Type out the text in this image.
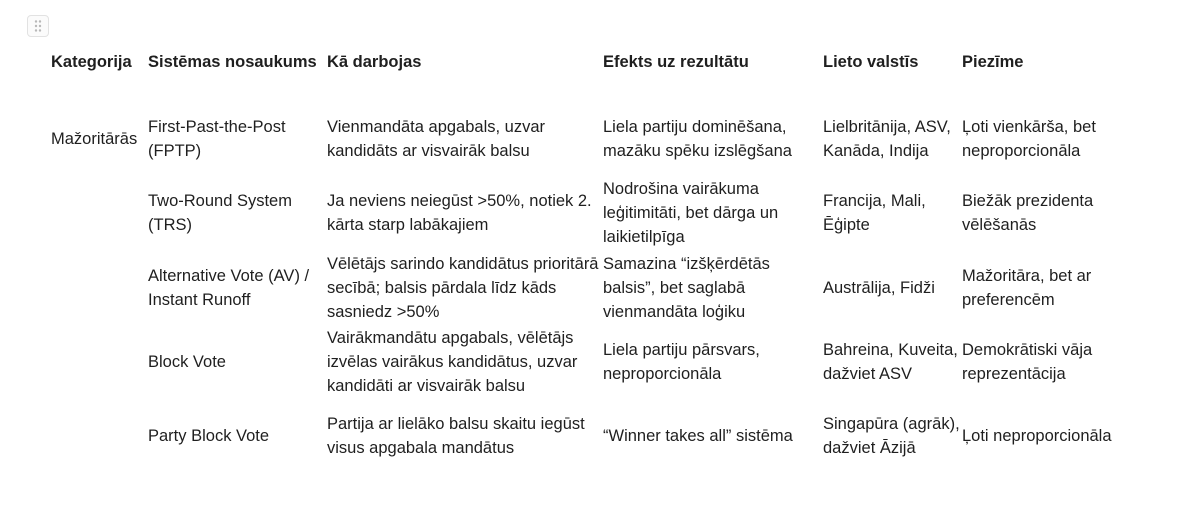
Kategorija	Sistēmas nosaukums	Kā darbojas	Efekts uz rezultātu	Lieto valstīs	Piezīme
Mažoritārās	First-Past-the-Post (FPTP)	Vienmandāta apgabals, uzvar kandidāts ar visvairāk balsu	Liela partiju dominēšana, mazāku spēku izslēgšana	Lielbritānija, ASV, Kanāda, Indija	Ļoti vienkārša, bet neproporcionāla
	Two-Round System (TRS)	Ja neviens neiegūst >50%, notiek 2. kārta starp labākajiem	Nodrošina vairākuma leģitimitāti, bet dārga un laikietilpīga	Francija, Mali, Ēģipte	Biežāk prezidenta vēlēšanās
	Alternative Vote (AV) / Instant Runoff	Vēlētājs sarindo kandidātus prioritārā secībā; balsis pārdala līdz kāds sasniedz >50%	Samazina “izšķērdētās balsis”, bet saglabā vienmandāta loģiku	Austrālija, Fidži	Mažoritāra, bet ar preferencēm
	Block Vote	Vairākmandātu apgabals, vēlētājs izvēlas vairākus kandidātus, uzvar kandidāti ar visvairāk balsu	Liela partiju pārsvars, neproporcionāla	Bahreina, Kuveita, dažviet ASV	Demokrātiski vāja reprezentācija
	Party Block Vote	Partija ar lielāko balsu skaitu iegūst visus apgabala mandātus	“Winner takes all” sistēma	Singapūra (agrāk), dažviet Āzijā	Ļoti neproporcionāla
